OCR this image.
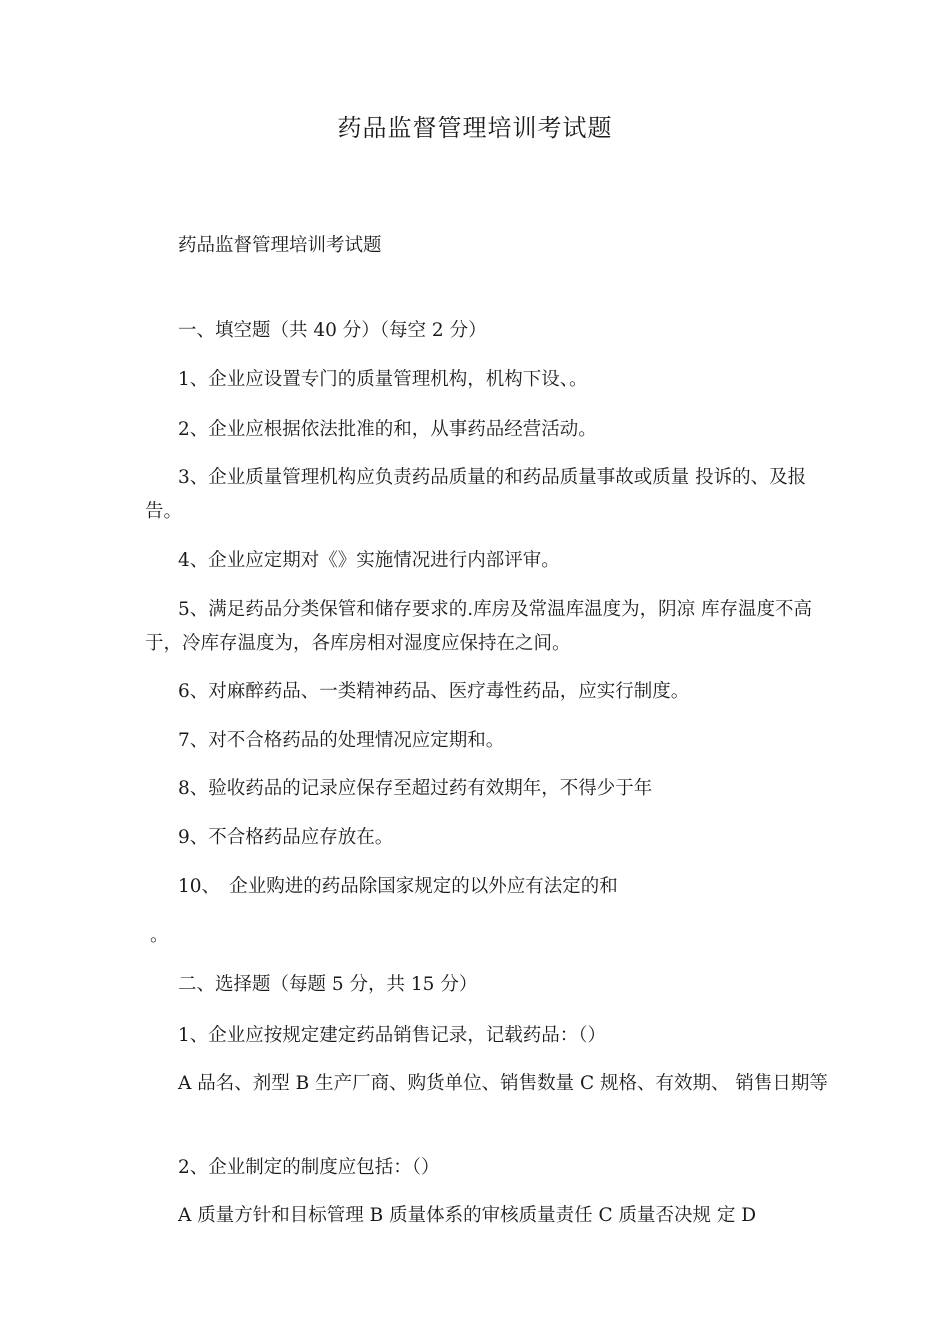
药品监督管理培训考试题
药品监督管理培训考试题
一、填空题（共 40 分）（每空 2 分）
1、企业应设置专门的质量管理机构，机构下设、。
2、企业应根据依法批准的和，从事药品经营活动。
3、企业质量管理机构应负责药品质量的和药品质量事故或质量 投诉的、及报告。
4、企业应定期对《》实施情况进行内部评审。
5、满足药品分类保管和储存要求的.库房及常温库温度为，阴凉 库存温度不高于，冷库存温度为，各库房相对湿度应保持在之间。
6、对麻醉药品、一类精神药品、医疗毒性药品，应实行制度。
7、对不合格药品的处理情况应定期和。
8、验收药品的记录应保存至超过药有效期年，不得少于年
9、不合格药品应存放在。
10、　企业购进的药品除国家规定的以外应有法定的和
。
二、选择题（每题 5 分，共 15 分）
1、企业应按规定建定药品销售记录，记载药品：（）
A 品名、剂型 B 生产厂商、购货单位、销售数量 C 规格、有效期、 销售日期等
2、企业制定的制度应包括：（）
A 质量方针和目标管理 B 质量体系的审核质量责任 C 质量否决规 定 D
